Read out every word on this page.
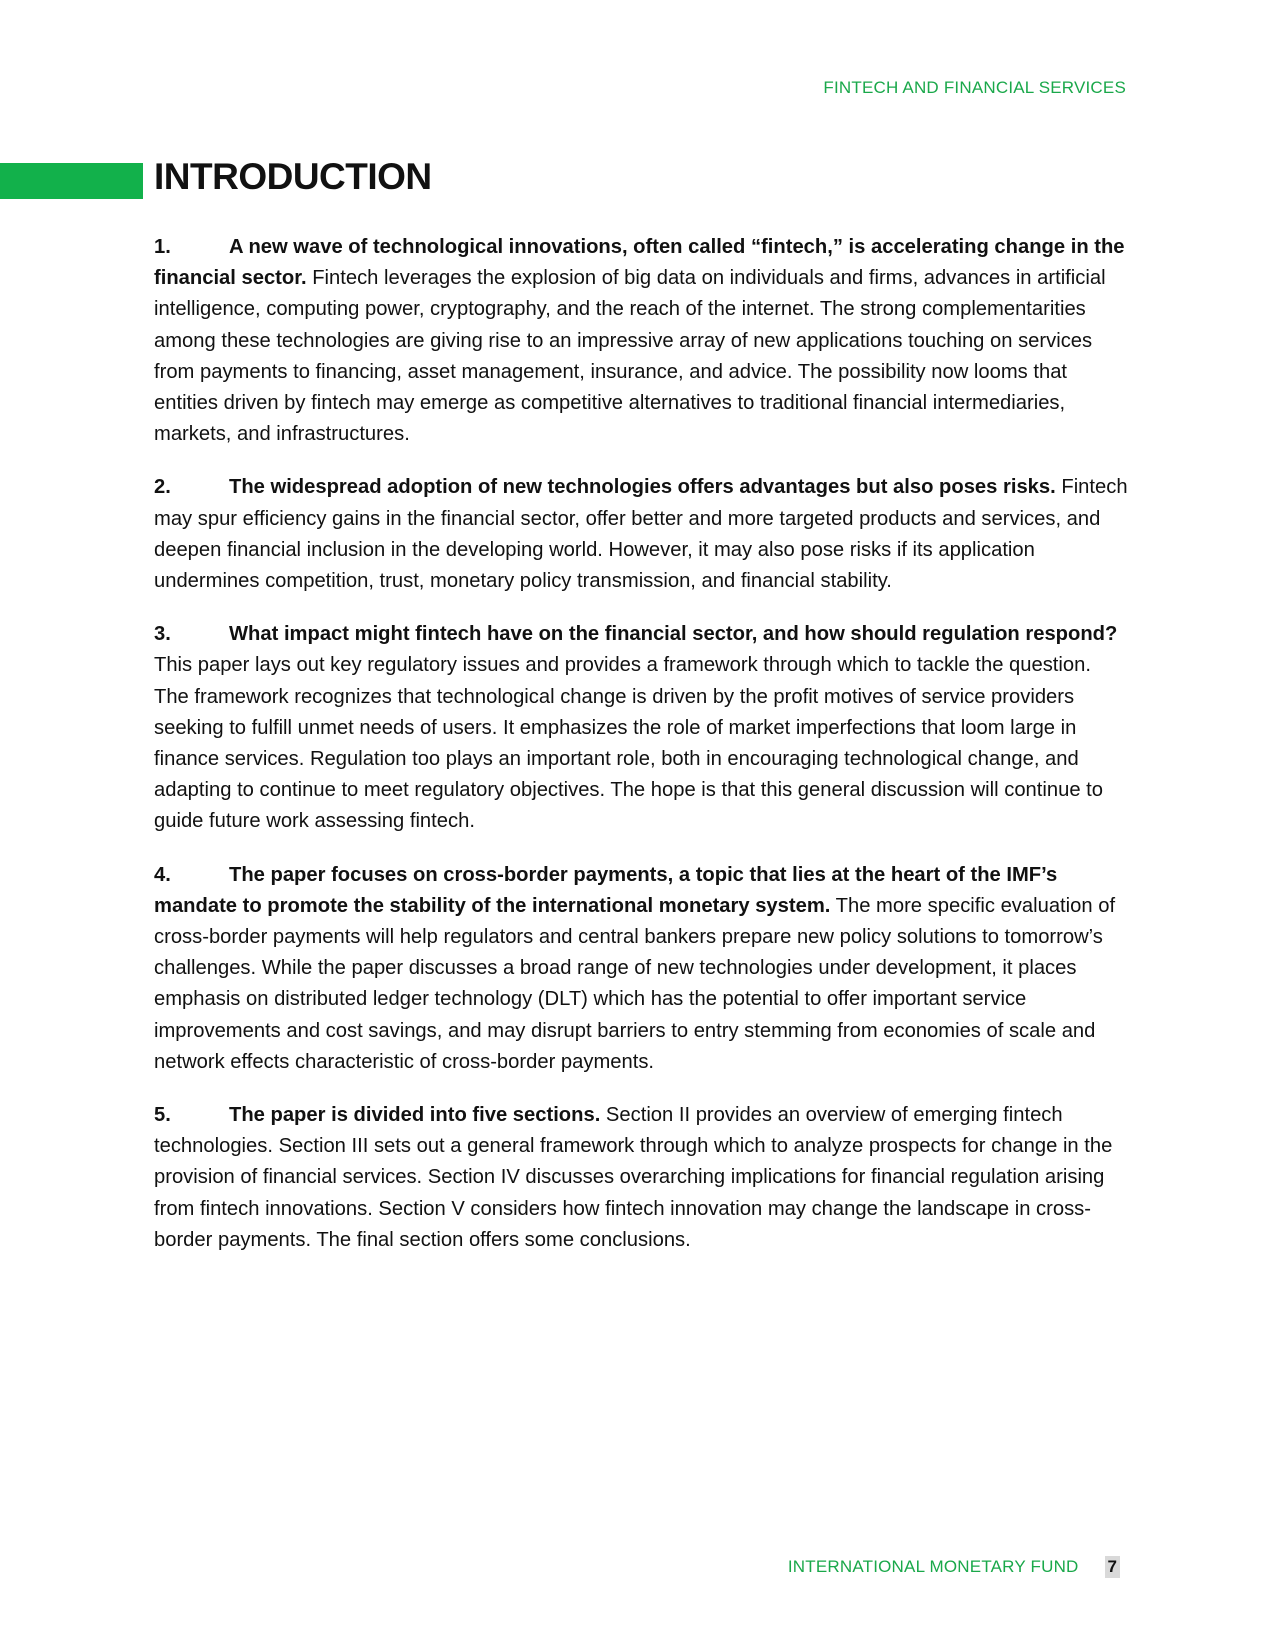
FINTECH AND FINANCIAL SERVICES
INTRODUCTION

1.	A new wave of technological innovations, often called “fintech,” is accelerating change in the financial sector. Fintech leverages the explosion of big data on individuals and firms, advances in artificial intelligence, computing power, cryptography, and the reach of the internet. The strong complementarities among these technologies are giving rise to an impressive array of new applications touching on services from payments to financing, asset management, insurance, and advice. The possibility now looms that entities driven by fintech may emerge as competitive alternatives to traditional financial intermediaries, markets, and infrastructures.

2.	The widespread adoption of new technologies offers advantages but also poses risks. Fintech may spur efficiency gains in the financial sector, offer better and more targeted products and services, and deepen financial inclusion in the developing world. However, it may also pose risks if its application undermines competition, trust, monetary policy transmission, and financial stability.

3.	What impact might fintech have on the financial sector, and how should regulation respond? This paper lays out key regulatory issues and provides a framework through which to tackle the question. The framework recognizes that technological change is driven by the profit motives of service providers seeking to fulfill unmet needs of users. It emphasizes the role of market imperfections that loom large in finance services. Regulation too plays an important role, both in encouraging technological change, and adapting to continue to meet regulatory objectives. The hope is that this general discussion will continue to guide future work assessing fintech.

4.	The paper focuses on cross-border payments, a topic that lies at the heart of the IMF’s mandate to promote the stability of the international monetary system. The more specific evaluation of cross-border payments will help regulators and central bankers prepare new policy solutions to tomorrow’s challenges. While the paper discusses a broad range of new technologies under development, it places emphasis on distributed ledger technology (DLT) which has the potential to offer important service improvements and cost savings, and may disrupt barriers to entry stemming from economies of scale and network effects characteristic of cross-border payments.

5.	The paper is divided into five sections. Section II provides an overview of emerging fintech technologies. Section III sets out a general framework through which to analyze prospects for change in the provision of financial services. Section IV discusses overarching implications for financial regulation arising from fintech innovations. Section V considers how fintech innovation may change the landscape in cross-border payments. The final section offers some conclusions.

INTERNATIONAL MONETARY FUND 7
